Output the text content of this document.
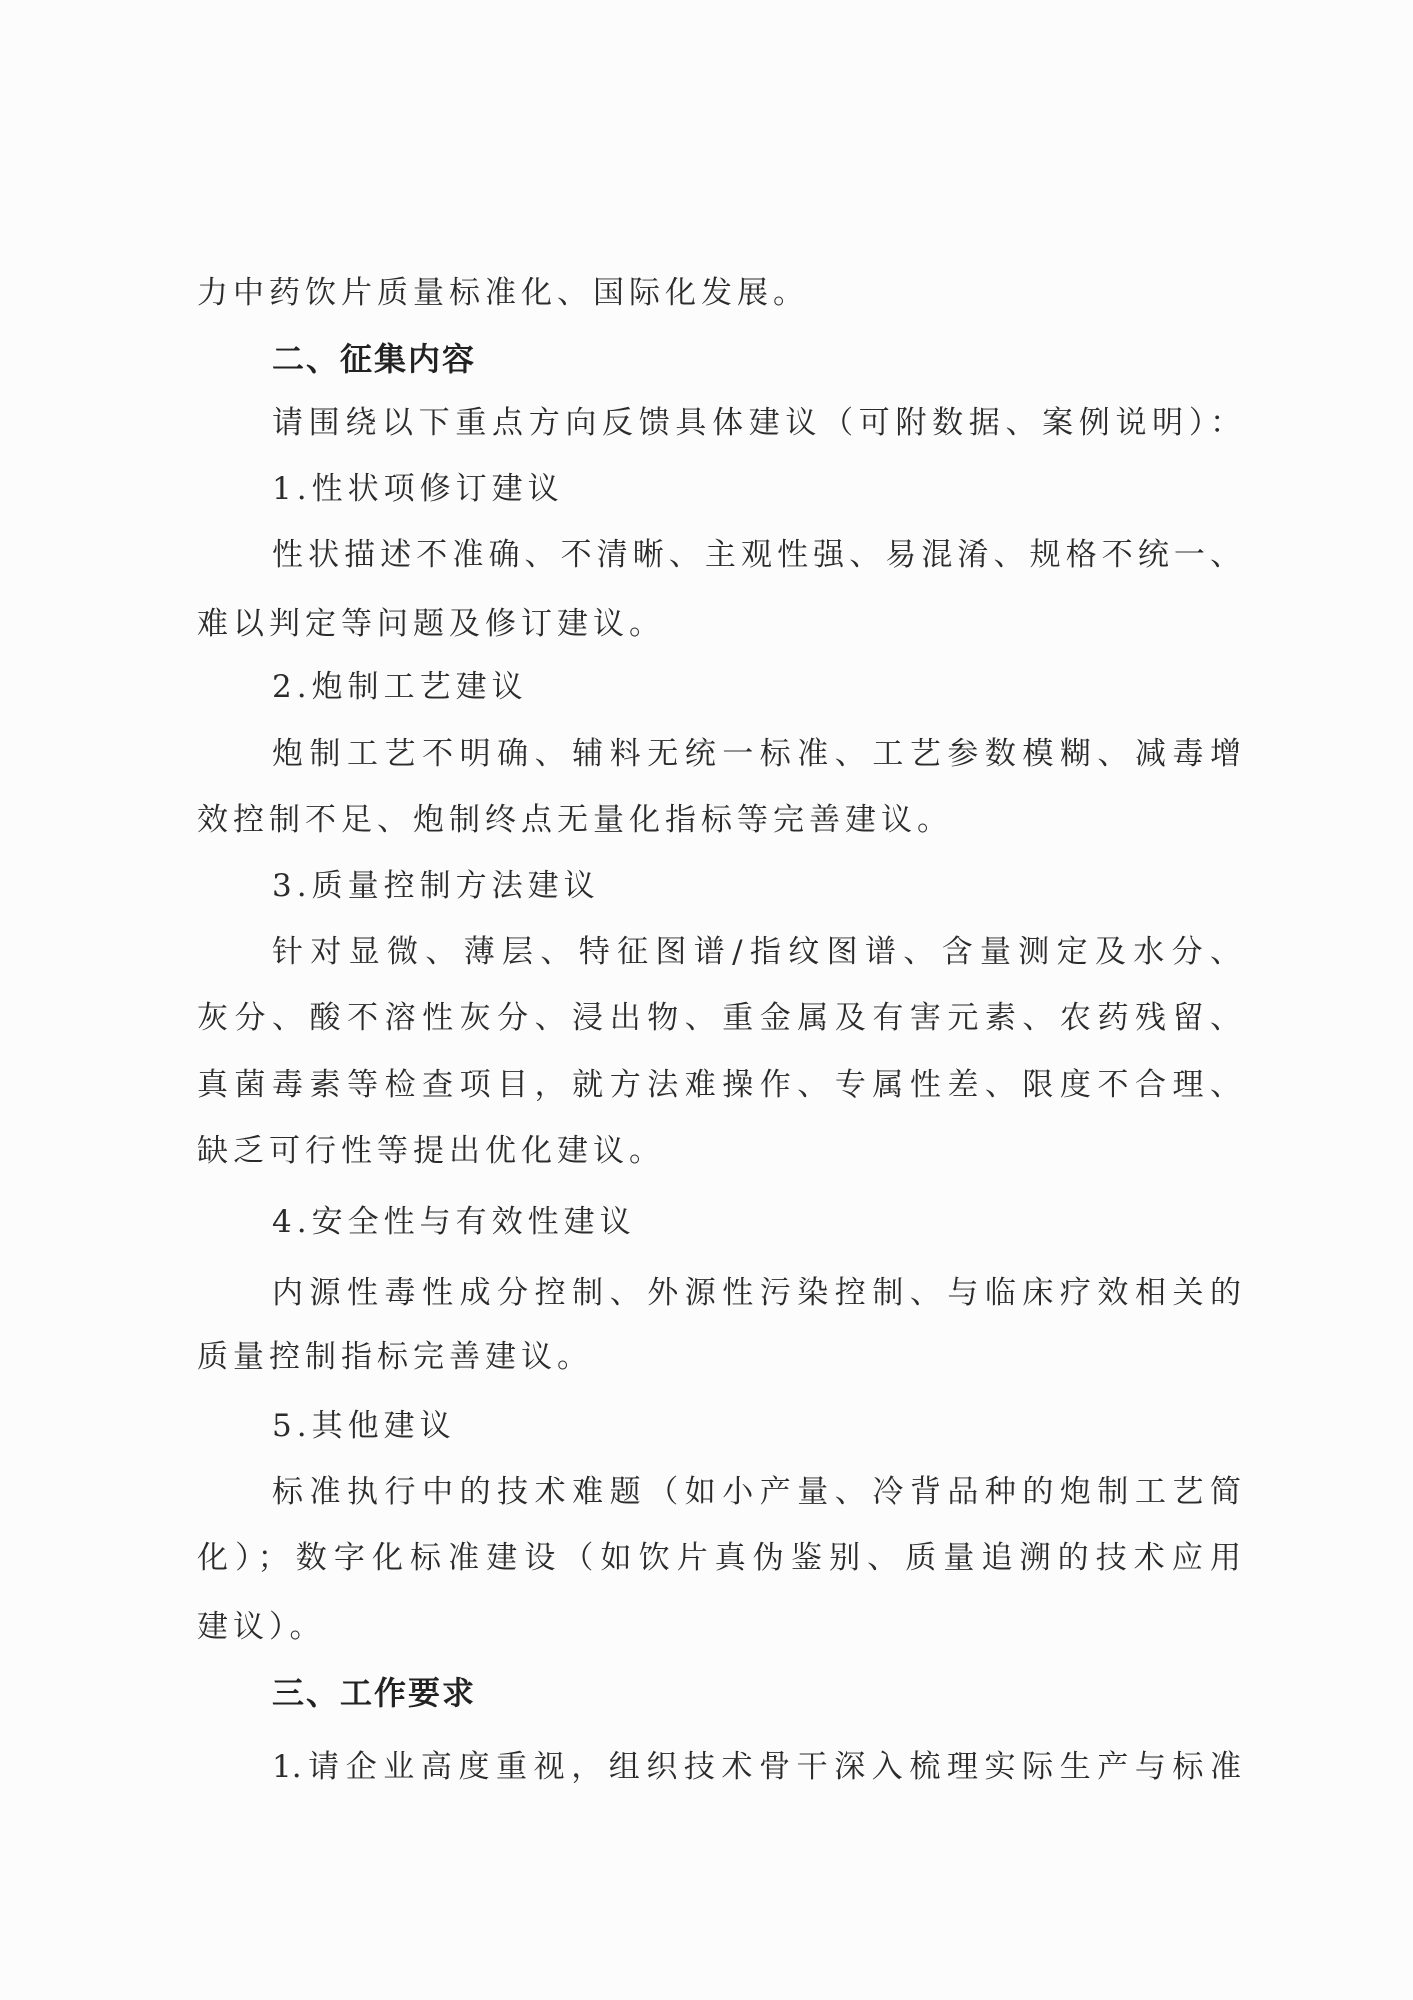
力中药饮片质量标准化、国际化发展。
二、征集内容
请围绕以下重点方向反馈具体建议（可附数据、案例说明）：
1.性状项修订建议
性状描述不准确、不清晰、主观性强、易混淆、规格不统一、
难以判定等问题及修订建议。
2.炮制工艺建议
炮制工艺不明确、辅料无统一标准、工艺参数模糊、减毒增
效控制不足、炮制终点无量化指标等完善建议。
3.质量控制方法建议
针对显微、薄层、特征图谱/指纹图谱、含量测定及水分、
灰分、酸不溶性灰分、浸出物、重金属及有害元素、农药残留、
真菌毒素等检查项目，就方法难操作、专属性差、限度不合理、
缺乏可行性等提出优化建议。
4.安全性与有效性建议
内源性毒性成分控制、外源性污染控制、与临床疗效相关的
质量控制指标完善建议。
5.其他建议
标准执行中的技术难题（如小产量、冷背品种的炮制工艺简
化）；数字化标准建设（如饮片真伪鉴别、质量追溯的技术应用
建议）。
三、工作要求
1.请企业高度重视，组织技术骨干深入梳理实际生产与标准
